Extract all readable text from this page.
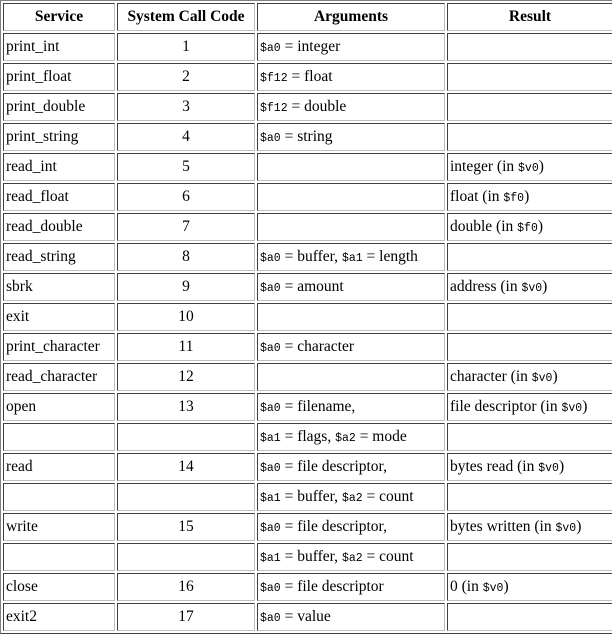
Service	System Call Code	Arguments	Result
print_int	1	$a0 = integer	
print_float	2	$f12 = float	
print_double	3	$f12 = double	
print_string	4	$a0 = string	
read_int	5		integer (in $v0)
read_float	6		float (in $f0)
read_double	7		double (in $f0)
read_string	8	$a0 = buffer, $a1 = length	
sbrk	9	$a0 = amount	address (in $v0)
exit	10		
print_character	11	$a0 = character	
read_character	12		character (in $v0)
open	13	$a0 = filename,	file descriptor (in $v0)
		$a1 = flags, $a2 = mode	
read	14	$a0 = file descriptor,	bytes read (in $v0)
		$a1 = buffer, $a2 = count	
write	15	$a0 = file descriptor,	bytes written (in $v0)
		$a1 = buffer, $a2 = count	
close	16	$a0 = file descriptor	0 (in $v0)
exit2	17	$a0 = value	
